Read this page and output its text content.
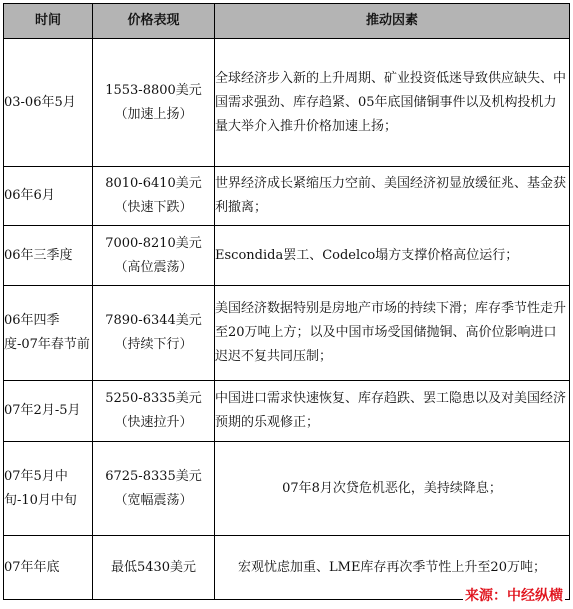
时间	价格表现	推动因素
03-06年5月	1553-8800美元（加速上扬）	全球经济步入新的上升周期、矿业投资低迷导致供应缺失、中国需求强劲、库存趋紧、05年底国储铜事件以及机构投机力量大举介入推升价格加速上扬；
06年6月	8010-6410美元（快速下跌）	世界经济成长紧缩压力空前、美国经济初显放缓征兆、基金获利撤离；
06年三季度	7000-8210美元（高位震荡）	Escondida罢工、Codelco塌方支撑价格高位运行；
06年四季度-07年春节前	7890-6344美元（持续下行）	美国经济数据特别是房地产市场的持续下滑；库存季节性走升至20万吨上方；以及中国市场受国储抛铜、高价位影响进口迟迟不复共同压制；
07年2月-5月	5250-8335美元（快速拉升）	中国进口需求快速恢复、库存趋跌、罢工隐患以及对美国经济预期的乐观修正；
07年5月中旬-10月中旬	6725-8335美元（宽幅震荡）	07年8月次贷危机恶化，美持续降息；
07年年底	最低5430美元	宏观忧虑加重、LME库存再次季节性上升至20万吨；
来源：中经纵横
